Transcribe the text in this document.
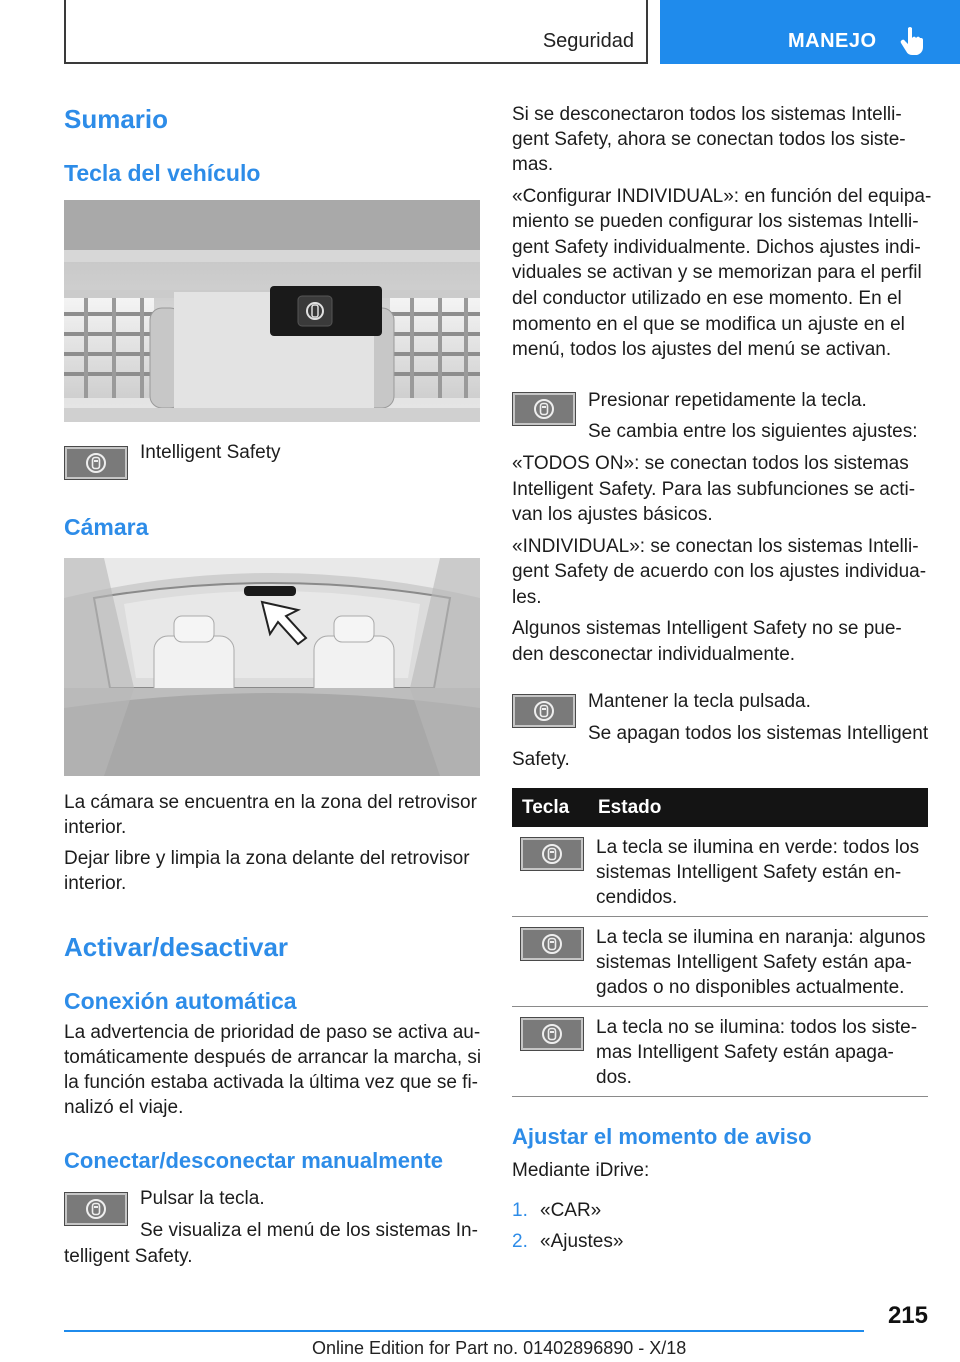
Seguridad	MANEJO
Sumario
Tecla del vehículo
Intelligent Safety
Cámara
La cámara se encuentra en la zona del retrovisor
interior.
Dejar libre y limpia la zona delante del retrovisor
interior.
Activar/desactivar
Conexión automática
La advertencia de prioridad de paso se activa au-
tomáticamente después de arrancar la marcha, si
la función estaba activada la última vez que se fi-
nalizó el viaje.
Conectar/desconectar manualmente
Pulsar la tecla.
Se visualiza el menú de los sistemas In-
telligent Safety.
Si se desconectaron todos los sistemas Intelli-
gent Safety, ahora se conectan todos los siste-
mas.
«Configurar INDIVIDUAL»: en función del equipa-
miento se pueden configurar los sistemas Intelli-
gent Safety individualmente. Dichos ajustes indi-
viduales se activan y se memorizan para el perfil
del conductor utilizado en ese momento. En el
momento en el que se modifica un ajuste en el
menú, todos los ajustes del menú se activan.
Presionar repetidamente la tecla.
Se cambia entre los siguientes ajustes:
«TODOS ON»: se conectan todos los sistemas
Intelligent Safety. Para las subfunciones se acti-
van los ajustes básicos.
«INDIVIDUAL»: se conectan los sistemas Intelli-
gent Safety de acuerdo con los ajustes individua-
les.
Algunos sistemas Intelligent Safety no se pue-
den desconectar individualmente.
Mantener la tecla pulsada.
Se apagan todos los sistemas Intelligent
Safety.
Tecla Estado
La tecla se ilumina en verde: todos los
sistemas Intelligent Safety están en-
cendidos.
La tecla se ilumina en naranja: algunos
sistemas Intelligent Safety están apa-
gados o no disponibles actualmente.
La tecla no se ilumina: todos los siste-
mas Intelligent Safety están apaga-
dos.
Ajustar el momento de aviso
Mediante iDrive:
1. «CAR»
2. «Ajustes»
215
Online Edition for Part no. 01402896890 - X/18
